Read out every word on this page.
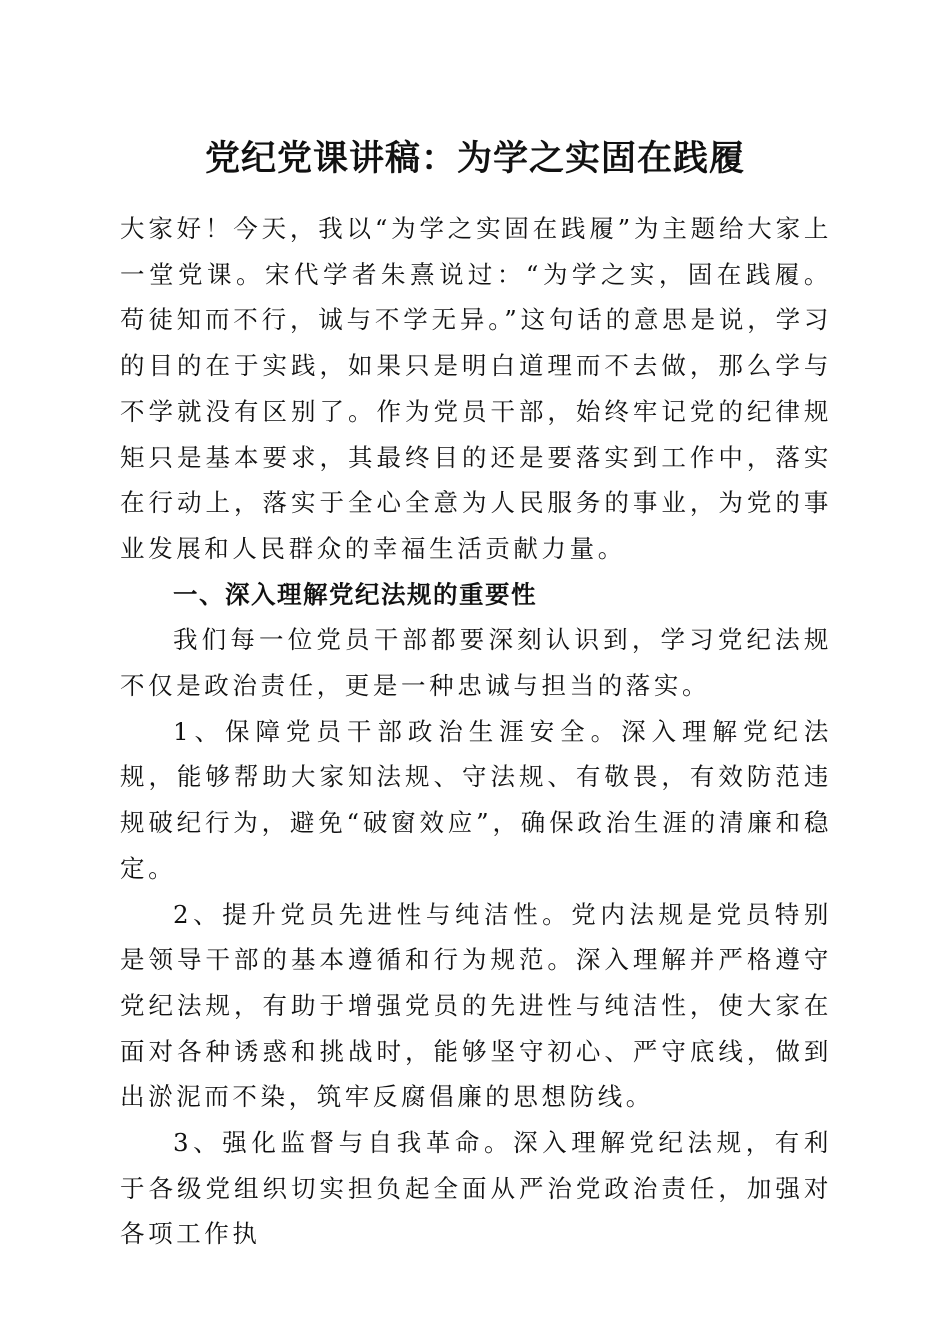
党纪党课讲稿：为学之实固在践履

大家好！今天，我以“为学之实固在践履”为主题给大家上一堂党课。宋代学者朱熹说过：“为学之实，固在践履。苟徒知而不行，诚与不学无异。”这句话的意思是说，学习的目的在于实践，如果只是明白道理而不去做，那么学与不学就没有区别了。作为党员干部，始终牢记党的纪律规矩只是基本要求，其最终目的还是要落实到工作中，落实在行动上，落实于全心全意为人民服务的事业，为党的事业发展和人民群众的幸福生活贡献力量。

一、深入理解党纪法规的重要性

我们每一位党员干部都要深刻认识到，学习党纪法规不仅是政治责任，更是一种忠诚与担当的落实。

1、保障党员干部政治生涯安全。深入理解党纪法规，能够帮助大家知法规、守法规、有敬畏，有效防范违规破纪行为，避免“破窗效应”，确保政治生涯的清廉和稳定。

2、提升党员先进性与纯洁性。党内法规是党员特别是领导干部的基本遵循和行为规范。深入理解并严格遵守党纪法规，有助于增强党员的先进性与纯洁性，使大家在面对各种诱惑和挑战时，能够坚守初心、严守底线，做到出淤泥而不染，筑牢反腐倡廉的思想防线。

3、强化监督与自我革命。深入理解党纪法规，有利于各级党组织切实担负起全面从严治党政治责任，加强对各项工作执
